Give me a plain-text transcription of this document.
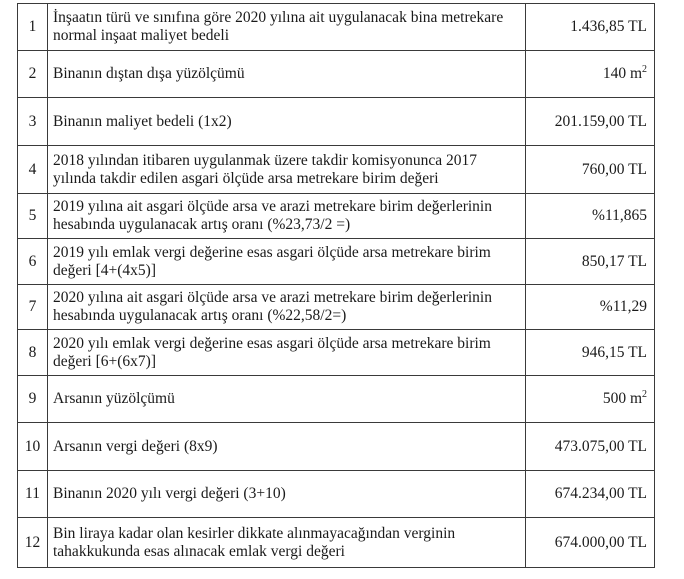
1	İnşaatın türü ve sınıfına göre 2020 yılına ait uygulanacak bina metrekare normal inşaat maliyet bedeli	1.436,85 TL
2	Binanın dıştan dışa yüzölçümü	140 $m^2$
3	Binanın maliyet bedeli (1x2)	201.159,00 TL
4	2018 yılından itibaren uygulanmak üzere takdir komisyonunca 2017 yılında takdir edilen asgari ölçüde arsa metrekare birim değeri	760,00 TL
5	2019 yılına ait asgari ölçüde arsa ve arazi metrekare birim değerlerinin hesabında uygulanacak artış oranı (%23,73/2 =)	%11,865
6	2019 yılı emlak vergi değerine esas asgari ölçüde arsa metrekare birim değeri [4+(4x5)]	850,17 TL
7	2020 yılına ait asgari ölçüde arsa ve arazi metrekare birim değerlerinin hesabında uygulanacak artış oranı (%22,58/2=)	%11,29
8	2020 yılı emlak vergi değerine esas asgari ölçüde arsa metrekare birim değeri [6+(6x7)]	946,15 TL
9	Arsanın yüzölçümü	500 $m^2$
10	Arsanın vergi değeri (8x9)	473.075,00 TL
11	Binanın 2020 yılı vergi değeri (3+10)	674.234,00 TL
12	Bin liraya kadar olan kesirler dikkate alınmayacağından verginin tahakkukunda esas alınacak emlak vergi değeri	674.000,00 TL
